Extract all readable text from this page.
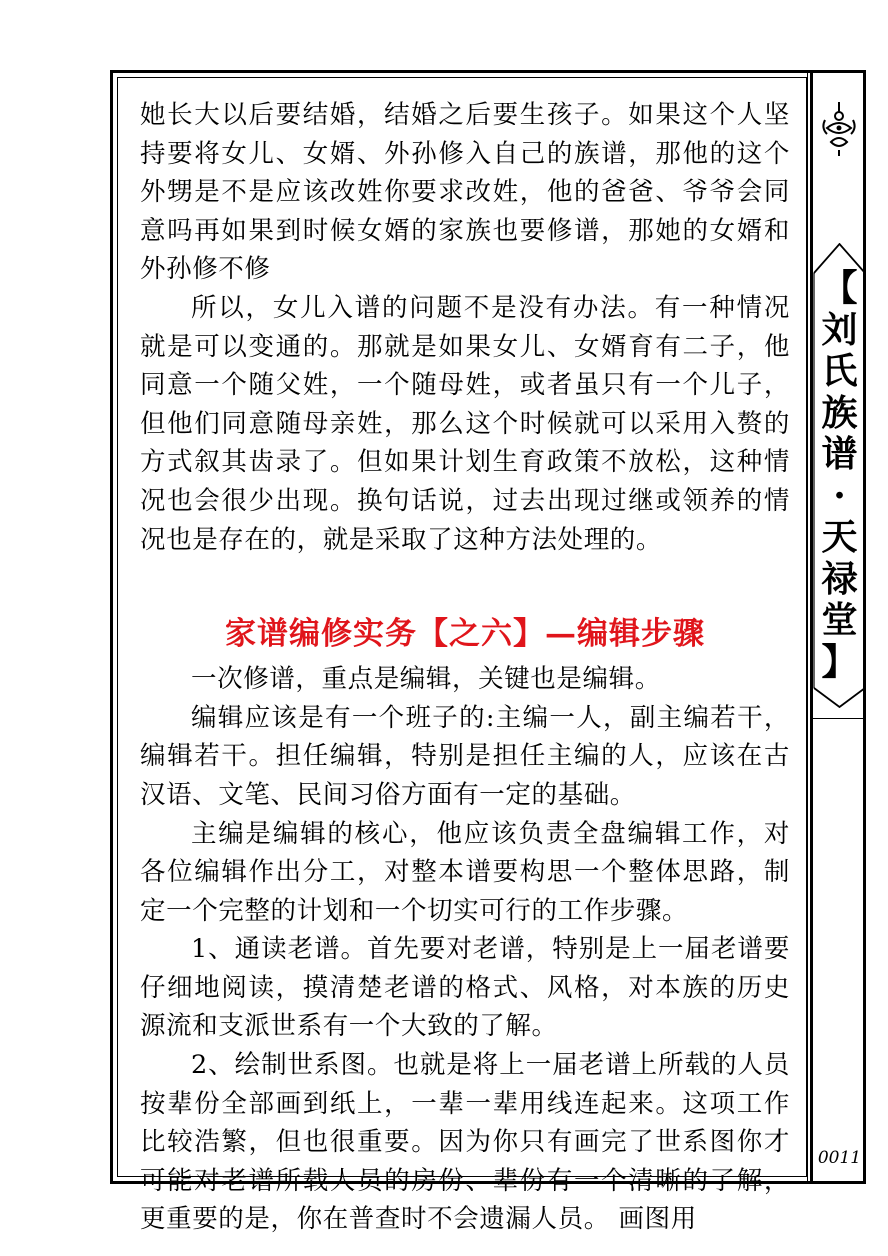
她长大以后要结婚，结婚之后要生孩子。如果这个人坚持要将女儿、女婿、外孙修入自己的族谱，那他的这个外甥是不是应该改姓你要求改姓，他的爸爸、爷爷会同意吗再如果到时候女婿的家族也要修谱，那她的女婿和外孙修不修

所以，女儿入谱的问题不是没有办法。有一种情况就是可以变通的。那就是如果女儿、女婿育有二子，他同意一个随父姓，一个随母姓，或者虽只有一个儿子，但他们同意随母亲姓，那么这个时候就可以采用入赘的方式叙其齿录了。但如果计划生育政策不放松，这种情况也会很少出现。换句话说，过去出现过继或领养的情况也是存在的，就是采取了这种方法处理的。

家谱编修实务【之六】—编辑步骤

一次修谱，重点是编辑，关键也是编辑。

编辑应该是有一个班子的:主编一人，副主编若干，编辑若干。担任编辑，特别是担任主编的人，应该在古汉语、文笔、民间习俗方面有一定的基础。

主编是编辑的核心，他应该负责全盘编辑工作，对各位编辑作出分工，对整本谱要构思一个整体思路，制定一个完整的计划和一个切实可行的工作步骤。

1、通读老谱。首先要对老谱，特别是上一届老谱要仔细地阅读，摸清楚老谱的格式、风格，对本族的历史源流和支派世系有一个大致的了解。

2、绘制世系图。也就是将上一届老谱上所载的人员按辈份全部画到纸上，一辈一辈用线连起来。这项工作比较浩繁，但也很重要。因为你只有画完了世系图你才可能对老谱所载人员的房份、辈份有一个清晰的了解，更重要的是，你在普查时不会遗漏人员。 画图用

【
刘
氏
族
谱
·
天
禄
堂
】
0011
